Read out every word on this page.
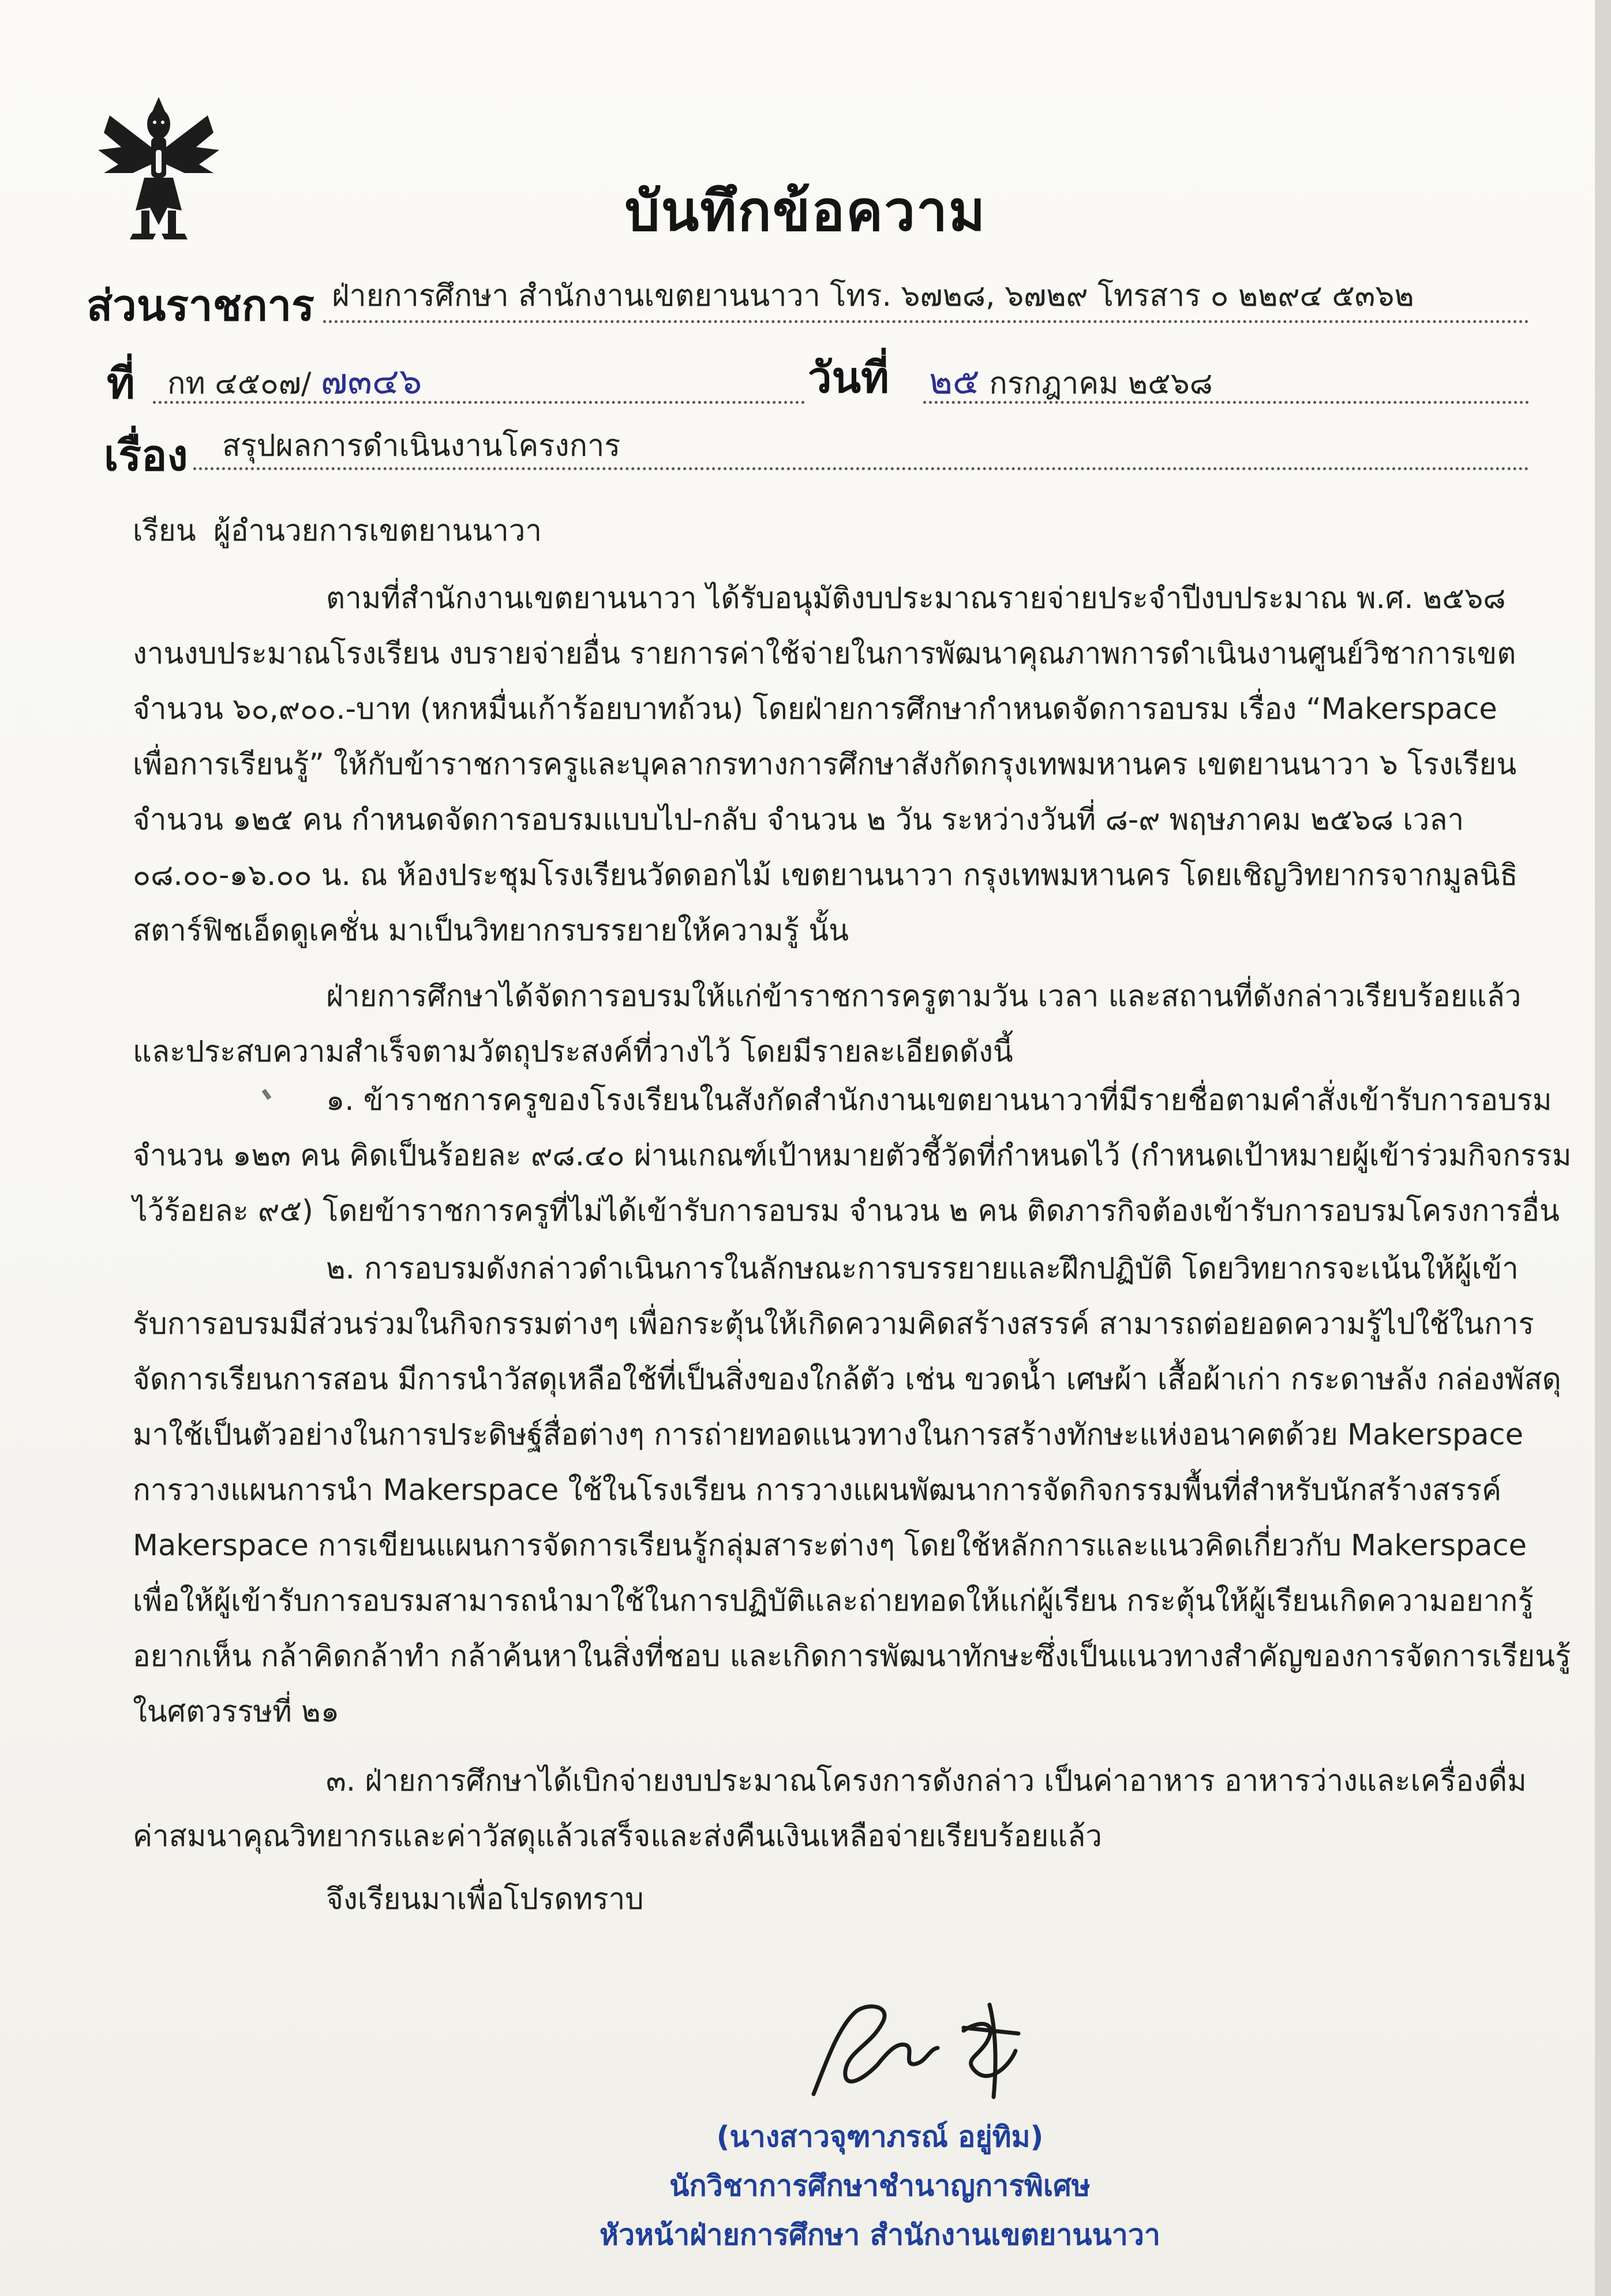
บันทึกข้อความ
ส่วนราชการ ฝ่ายการศึกษา สำนักงานเขตยานนาวา โทร. ๖๗๒๘, ๖๗๒๙ โทรสาร ๐ ๒๒๙๔ ๕๓๖๒
ที่ กท ๔๕๐๗/ ๗๓๔๖	วันที่ ๒๕ กรกฎาคม ๒๕๖๘
เรื่อง สรุปผลการดำเนินงานโครงการ
เรียน ผู้อำนวยการเขตยานนาวา
ตามที่สำนักงานเขตยานนาวา ได้รับอนุมัติงบประมาณรายจ่ายประจำปีงบประมาณ พ.ศ. ๒๕๖๘
งานงบประมาณโรงเรียน งบรายจ่ายอื่น รายการค่าใช้จ่ายในการพัฒนาคุณภาพการดำเนินงานศูนย์วิชาการเขต
จำนวน ๖๐,๙๐๐.-บาท (หกหมื่นเก้าร้อยบาทถ้วน) โดยฝ่ายการศึกษากำหนดจัดการอบรม เรื่อง “Makerspace
เพื่อการเรียนรู้” ให้กับข้าราชการครูและบุคลากรทางการศึกษาสังกัดกรุงเทพมหานคร เขตยานนาวา ๖ โรงเรียน
จำนวน ๑๒๕ คน กำหนดจัดการอบรมแบบไป-กลับ จำนวน ๒ วัน ระหว่างวันที่ ๘-๙ พฤษภาคม ๒๕๖๘ เวลา
๐๘.๐๐-๑๖.๐๐ น. ณ ห้องประชุมโรงเรียนวัดดอกไม้ เขตยานนาวา กรุงเทพมหานคร โดยเชิญวิทยากรจากมูลนิธิ
สตาร์ฟิชเอ็ดดูเคชั่น มาเป็นวิทยากรบรรยายให้ความรู้ นั้น
ฝ่ายการศึกษาได้จัดการอบรมให้แก่ข้าราชการครูตามวัน เวลา และสถานที่ดังกล่าวเรียบร้อยแล้ว
และประสบความสำเร็จตามวัตถุประสงค์ที่วางไว้ โดยมีรายละเอียดดังนี้
๑. ข้าราชการครูของโรงเรียนในสังกัดสำนักงานเขตยานนาวาที่มีรายชื่อตามคำสั่งเข้ารับการอบรม
จำนวน ๑๒๓ คน คิดเป็นร้อยละ ๙๘.๔๐ ผ่านเกณฑ์เป้าหมายตัวชี้วัดที่กำหนดไว้ (กำหนดเป้าหมายผู้เข้าร่วมกิจกรรม
ไว้ร้อยละ ๙๕) โดยข้าราชการครูที่ไม่ได้เข้ารับการอบรม จำนวน ๒ คน ติดภารกิจต้องเข้ารับการอบรมโครงการอื่น
๒. การอบรมดังกล่าวดำเนินการในลักษณะการบรรยายและฝึกปฏิบัติ โดยวิทยากรจะเน้นให้ผู้เข้า
รับการอบรมมีส่วนร่วมในกิจกรรมต่างๆ เพื่อกระตุ้นให้เกิดความคิดสร้างสรรค์ สามารถต่อยอดความรู้ไปใช้ในการ
จัดการเรียนการสอน มีการนำวัสดุเหลือใช้ที่เป็นสิ่งของใกล้ตัว เช่น ขวดน้ำ เศษผ้า เสื้อผ้าเก่า กระดาษลัง กล่องพัสดุ
มาใช้เป็นตัวอย่างในการประดิษฐ์สื่อต่างๆ การถ่ายทอดแนวทางในการสร้างทักษะแห่งอนาคตด้วย Makerspace
การวางแผนการนำ Makerspace ใช้ในโรงเรียน การวางแผนพัฒนาการจัดกิจกรรมพื้นที่สำหรับนักสร้างสรรค์
Makerspace การเขียนแผนการจัดการเรียนรู้กลุ่มสาระต่างๆ โดยใช้หลักการและแนวคิดเกี่ยวกับ Makerspace
เพื่อให้ผู้เข้ารับการอบรมสามารถนำมาใช้ในการปฏิบัติและถ่ายทอดให้แก่ผู้เรียน กระตุ้นให้ผู้เรียนเกิดความอยากรู้
อยากเห็น กล้าคิดกล้าทำ กล้าค้นหาในสิ่งที่ชอบ และเกิดการพัฒนาทักษะซึ่งเป็นแนวทางสำคัญของการจัดการเรียนรู้
ในศตวรรษที่ ๒๑
๓. ฝ่ายการศึกษาได้เบิกจ่ายงบประมาณโครงการดังกล่าว เป็นค่าอาหาร อาหารว่างและเครื่องดื่ม
ค่าสมนาคุณวิทยากรและค่าวัสดุแล้วเสร็จและส่งคืนเงินเหลือจ่ายเรียบร้อยแล้ว
จึงเรียนมาเพื่อโปรดทราบ
(นางสาวจุฑาภรณ์ อยู่ทิม)
นักวิชาการศึกษาชำนาญการพิเศษ
หัวหน้าฝ่ายการศึกษา สำนักงานเขตยานนาวา
